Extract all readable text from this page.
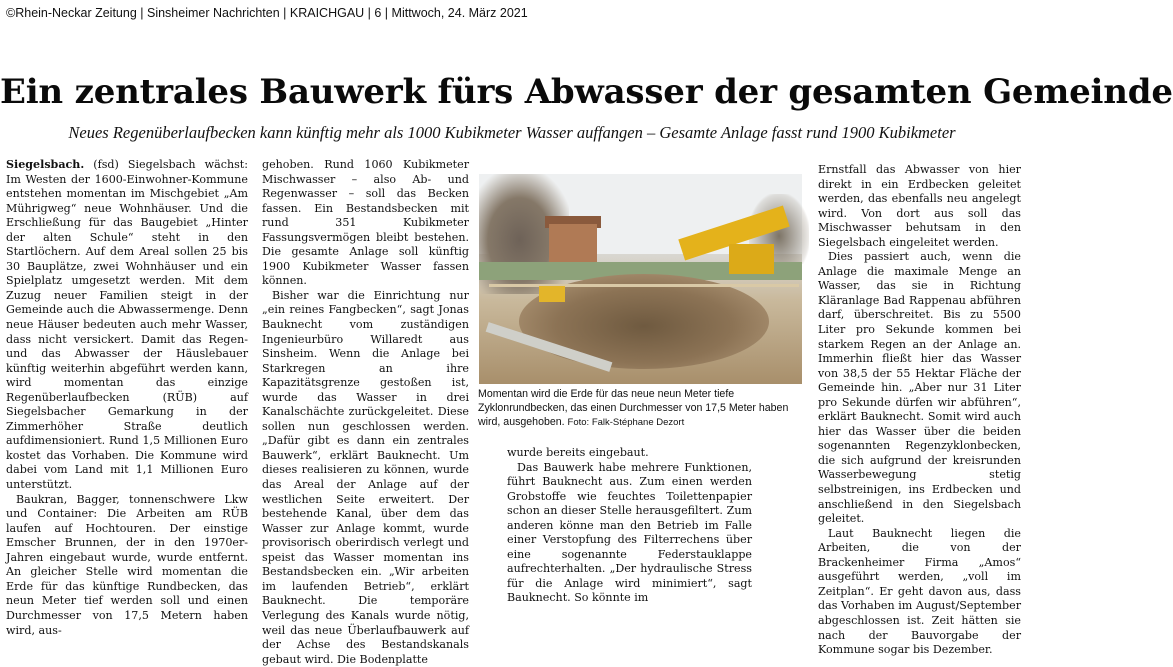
©Rhein-Neckar Zeitung | Sinsheimer Nachrichten | KRAICHGAU | 6 | Mittwoch, 24. März 2021
Ein zentrales Bauwerk fürs Abwasser der gesamten Gemeinde
Neues Regenüberlaufbecken kann künftig mehr als 1000 Kubikmeter Wasser auffangen – Gesamte Anlage fasst rund 1900 Kubikmeter

Siegelsbach. (fsd) Siegelsbach wächst: Im Westen der 1600-Einwohner-Kommune entstehen momentan im Mischgebiet „Am Mührigweg“ neue Wohnhäuser. Und die Erschließung für das Baugebiet „Hinter der alten Schule“ steht in den Startlöchern. Auf dem Areal sollen 25 bis 30 Bauplätze, zwei Wohnhäuser und ein Spielplatz umgesetzt werden. Mit dem Zuzug neuer Familien steigt in der Gemeinde auch die Abwassermenge. Denn neue Häuser bedeuten auch mehr Wasser, dass nicht versickert. Damit das Regen- und das Abwasser der Häuslebauer künftig weiterhin abgeführt werden kann, wird momentan das einzige Regenüberlaufbecken (RÜB) auf Siegelsbacher Gemarkung in der Zimmerhöher Straße deutlich aufdimensioniert. Rund 1,5 Millionen Euro kostet das Vorhaben. Die Kommune wird dabei vom Land mit 1,1 Millionen Euro unterstützt.

Baukran, Bagger, tonnenschwere Lkw und Container: Die Arbeiten am RÜB laufen auf Hochtouren. Der einstige Emscher Brunnen, der in den 1970er-Jahren eingebaut wurde, wurde entfernt. An gleicher Stelle wird momentan die Erde für das künftige Rundbecken, das neun Meter tief werden soll und einen Durchmesser von 17,5 Metern haben wird, aus-

gehoben. Rund 1060 Kubikmeter Mischwasser – also Ab- und Regenwasser – soll das Becken fassen. Ein Bestandsbecken mit rund 351 Kubikmeter Fassungsvermögen bleibt bestehen. Die gesamte Anlage soll künftig 1900 Kubikmeter Wasser fassen können.

Bisher war die Einrichtung nur „ein reines Fangbecken“, sagt Jonas Bauknecht vom zuständigen Ingenieurbüro Willaredt aus Sinsheim. Wenn die Anlage bei Starkregen an ihre Kapazitätsgrenze gestoßen ist, wurde das Wasser in drei Kanalschächte zurückgeleitet. Diese sollen nun geschlossen werden. „Dafür gibt es dann ein zentrales Bauwerk“, erklärt Bauknecht. Um dieses realisieren zu können, wurde das Areal der Anlage auf der westlichen Seite erweitert. Der bestehende Kanal, über dem das Wasser zur Anlage kommt, wurde provisorisch oberirdisch verlegt und speist das Wasser momentan ins Bestandsbecken ein. „Wir arbeiten im laufenden Betrieb“, erklärt Bauknecht. Die temporäre Verlegung des Kanals wurde nötig, weil das neue Überlaufbauwerk auf der Achse des Bestandskanals gebaut wird. Die Bodenplatte

Momentan wird die Erde für das neue neun Meter tiefe Zyklonrundbecken, das einen Durchmesser von 17,5 Meter haben wird, ausgehoben. Foto: Falk-Stéphane Dezort

wurde bereits eingebaut.

Das Bauwerk habe mehrere Funktionen, führt Bauknecht aus. Zum einen werden Grobstoffe wie feuchtes Toilettenpapier schon an dieser Stelle herausgefiltert. Zum anderen könne man den Betrieb im Falle einer Verstopfung des Filterrechens über eine sogenannte Federstauklappe aufrechterhalten. „Der hydraulische Stress für die Anlage wird minimiert“, sagt Bauknecht. So könnte im

Ernstfall das Abwasser von hier direkt in ein Erdbecken geleitet werden, das ebenfalls neu angelegt wird. Von dort aus soll das Mischwasser behutsam in den Siegelsbach eingeleitet werden.

Dies passiert auch, wenn die Anlage die maximale Menge an Wasser, das sie in Richtung Kläranlage Bad Rappenau abführen darf, überschreitet. Bis zu 5500 Liter pro Sekunde kommen bei starkem Regen an der Anlage an. Immerhin fließt hier das Wasser von 38,5 der 55 Hektar Fläche der Gemeinde hin. „Aber nur 31 Liter pro Sekunde dürfen wir abführen“, erklärt Bauknecht. Somit wird auch hier das Wasser über die beiden sogenannten Regenzyklonbecken, die sich aufgrund der kreisrunden Wasserbewegung stetig selbstreinigen, ins Erdbecken und anschließend in den Siegelsbach geleitet.

Laut Bauknecht liegen die Arbeiten, die von der Brackenheimer Firma „Amos“ ausgeführt werden, „voll im Zeitplan“. Er geht davon aus, dass das Vorhaben im August/September abgeschlossen ist. Zeit hätten sie nach der Bauvorgabe der Kommune sogar bis Dezember.
